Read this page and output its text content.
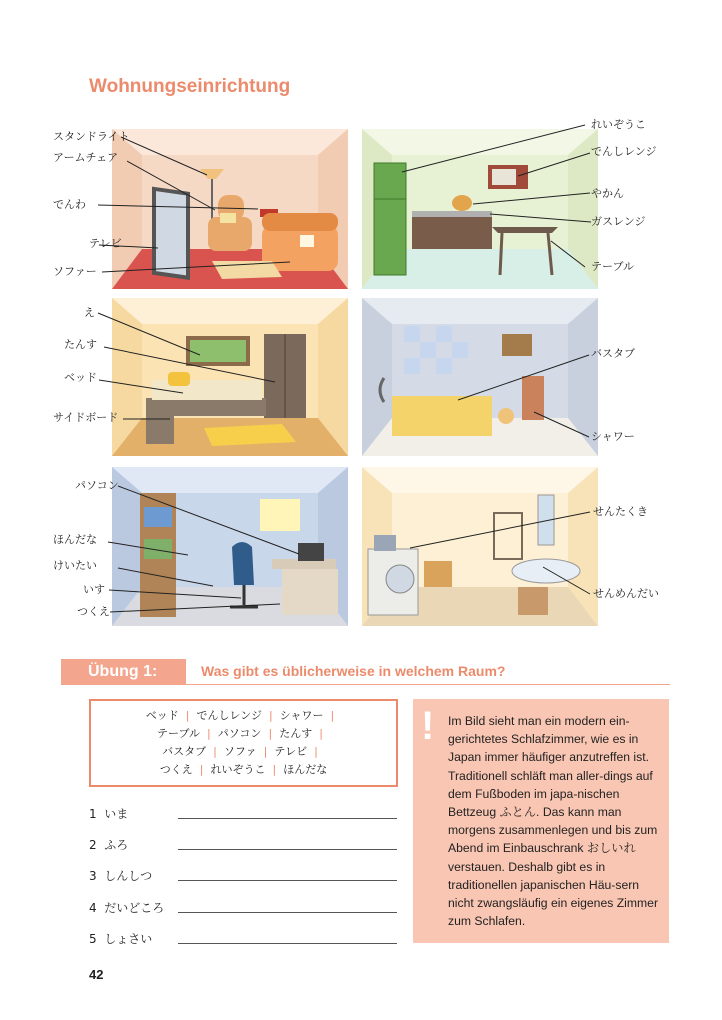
Wohnungseinrichtung
スタンドライト
アームチェア
でんわ
テレビ
ソファー
れいぞうこ
でんしレンジ
やかん
ガスレンジ
テーブル
え
たんす
ベッド
サイドボード
バスタブ
シャワー
パソコン
ほんだな
けいたい
いす
つくえ
せんたくき
せんめんだい
Übung 1:	Was gibt es üblicherweise in welchem Raum?
ベッド | でんしレンジ | シャワー |
テーブル | パソコン | たんす |
バスタブ | ソファ | テレビ |
つくえ | れいぞうこ | ほんだな
1 いま
2 ふろ
3 しんしつ
4 だいどころ
5 しょさい
! Im Bild sieht man ein modern ein-gerichtetes Schlafzimmer, wie es in Japan immer häufiger anzutreffen ist. Traditionell schläft man aller-dings auf dem Fußboden im japa-nischen Bettzeug ふとん. Das kann man morgens zusammenlegen und bis zum Abend im Einbauschrank おしいれ verstauen. Deshalb gibt es in traditionellen japanischen Häu-sern nicht zwangsläufig ein eigenes Zimmer zum Schlafen.
42
